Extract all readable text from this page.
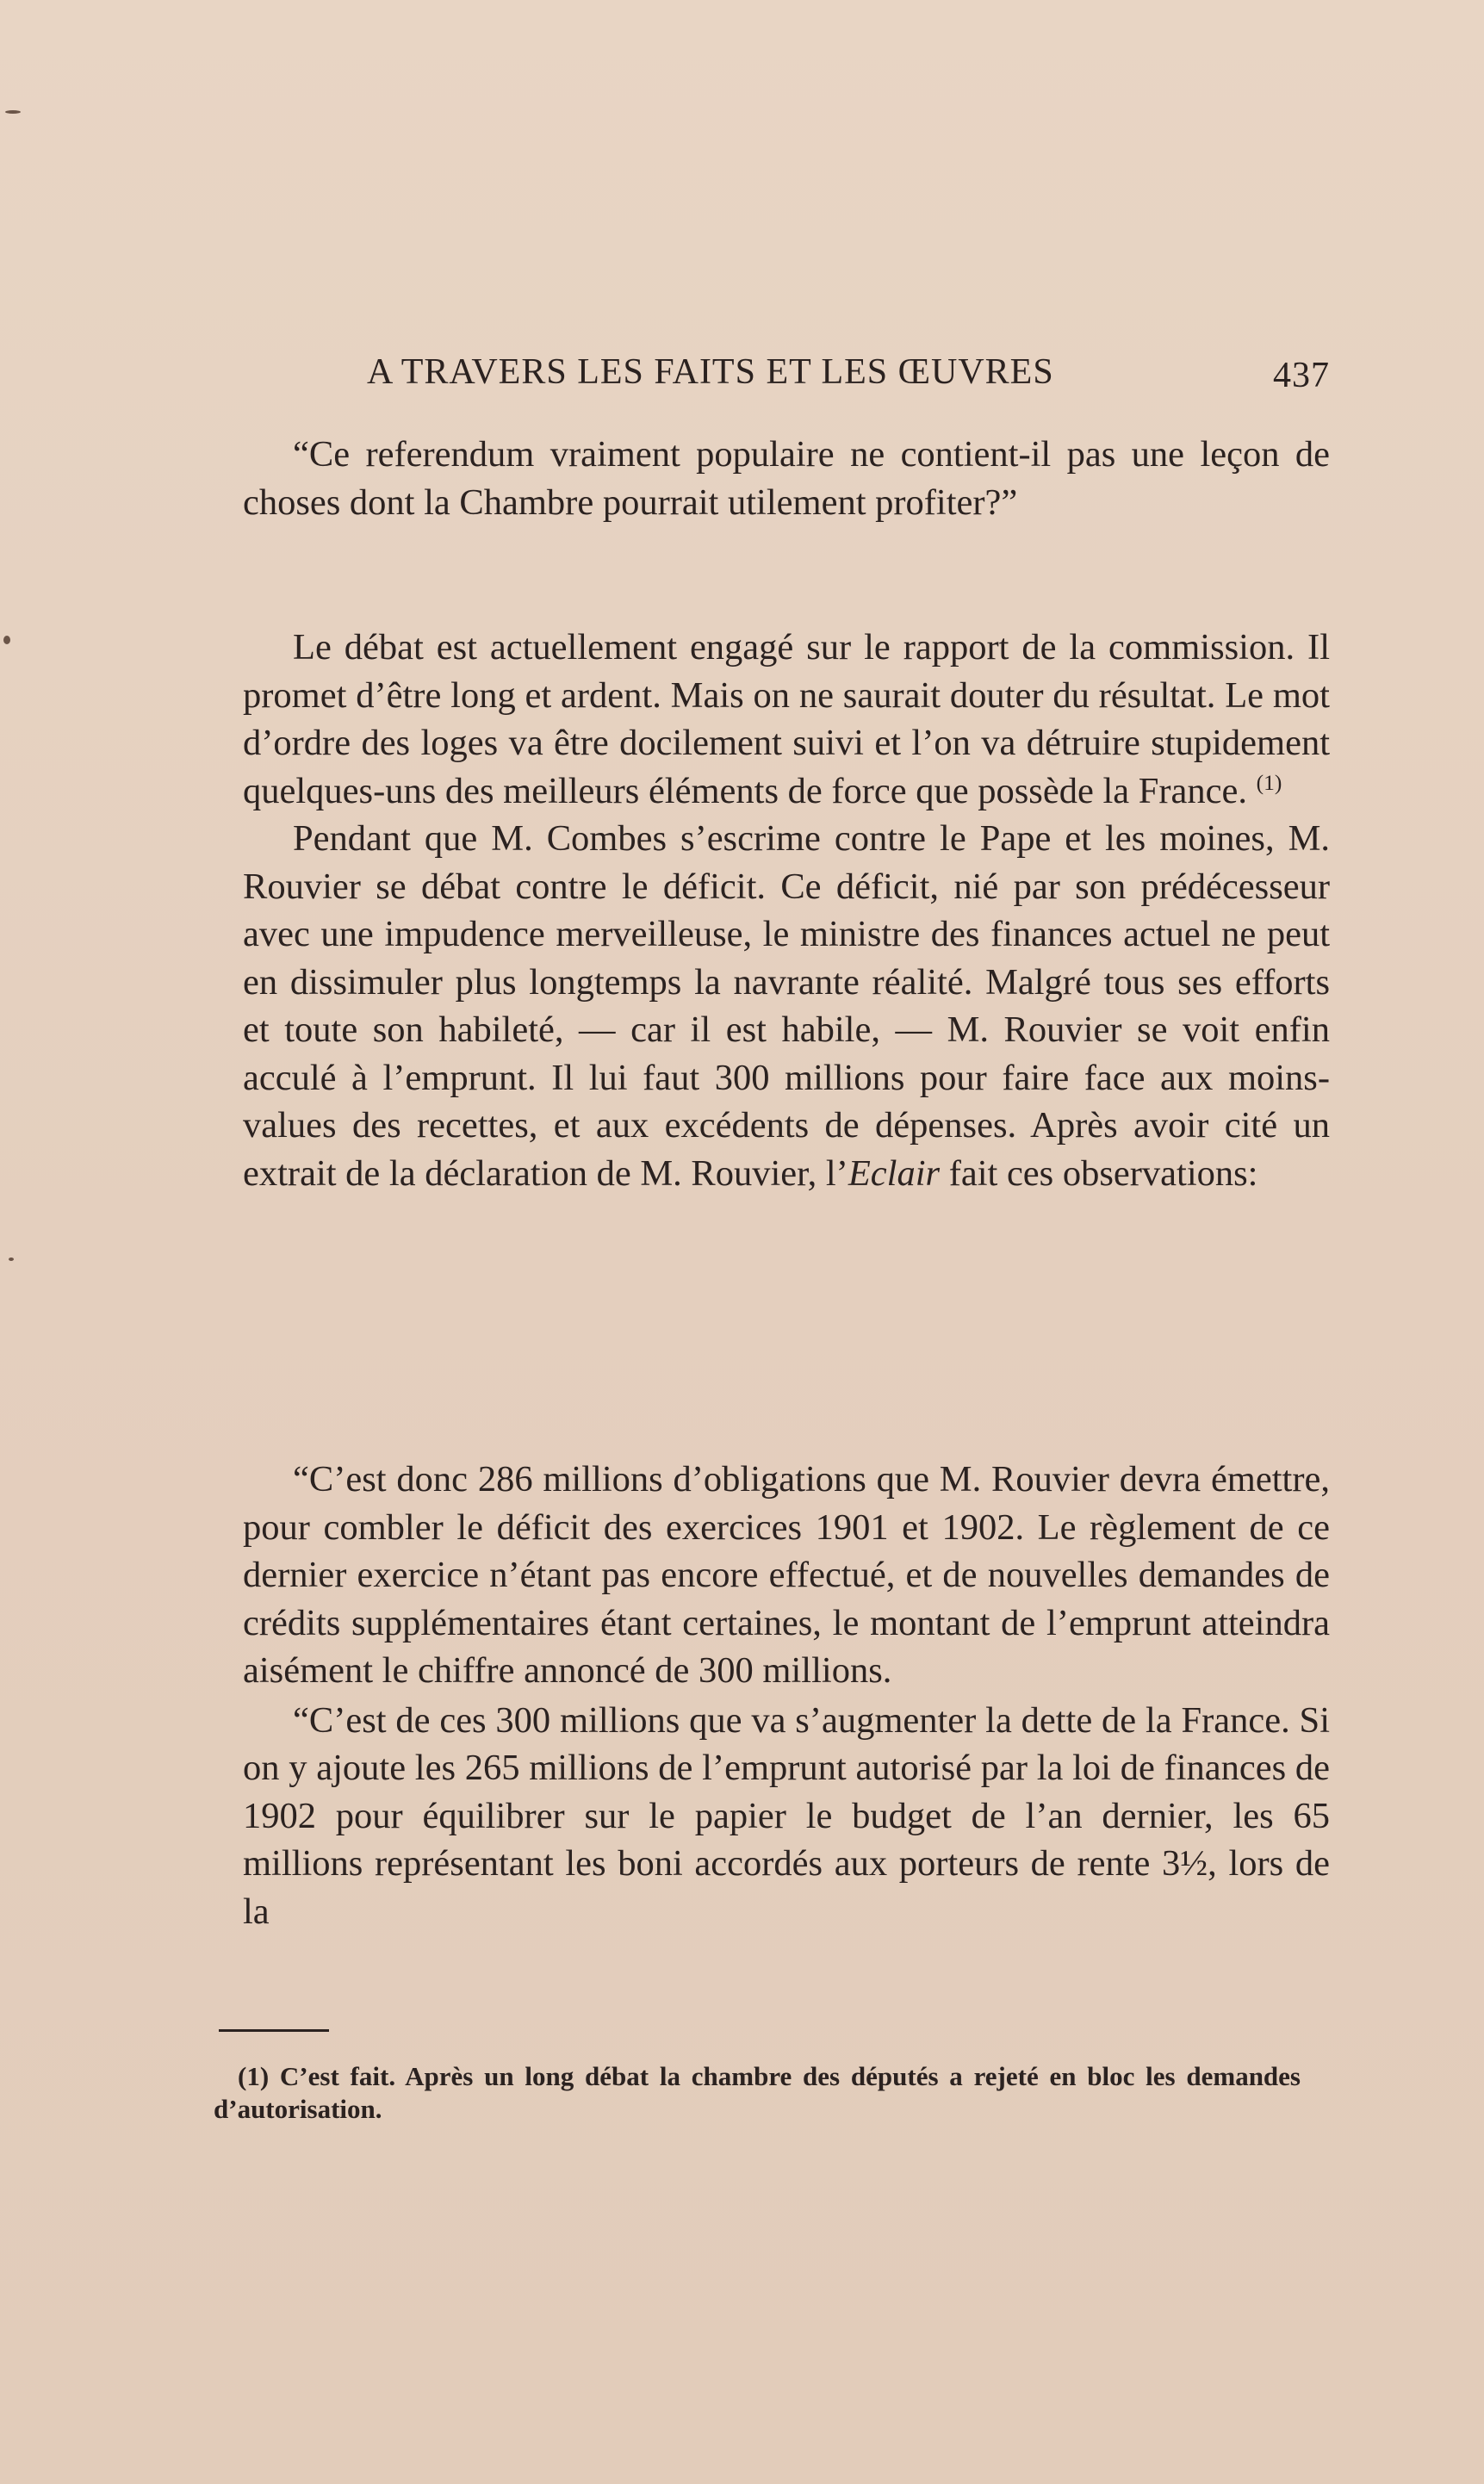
A TRAVERS LES FAITS ET LES ŒUVRES	437

“Ce referendum vraiment populaire ne contient-il pas une leçon de choses dont la Chambre pourrait utilement profiter?”

Le débat est actuellement engagé sur le rapport de la commission. Il promet d’être long et ardent. Mais on ne saurait douter du résultat. Le mot d’ordre des loges va être docilement suivi et l’on va détruire stupidement quelques-uns des meilleurs éléments de force que possède la France. $^{(1)}$

Pendant que M. Combes s’escrime contre le Pape et les moines, M. Rouvier se débat contre le déficit. Ce déficit, nié par son prédécesseur avec une impudence merveilleuse, le ministre des finances actuel ne peut en dissimuler plus longtemps la navrante réalité. Malgré tous ses efforts et toute son habileté, — car il est habile, — M. Rouvier se voit enfin acculé à l’emprunt. Il lui faut 300 millions pour faire face aux moins-values des recettes, et aux excédents de dépenses. Après avoir cité un extrait de la déclaration de M. Rouvier, l’Eclair fait ces observations:

“C’est donc 286 millions d’obligations que M. Rouvier devra émettre, pour combler le déficit des exercices 1901 et 1902. Le règlement de ce dernier exercice n’étant pas encore effectué, et de nouvelles demandes de crédits supplémentaires étant certaines, le montant de l’emprunt atteindra aisément le chiffre annoncé de 300 millions.

“C’est de ces 300 millions que va s’augmenter la dette de la France. Si on y ajoute les 265 millions de l’emprunt autorisé par la loi de finances de 1902 pour équilibrer sur le papier le budget de l’an dernier, les 65 millions représentant les boni accordés aux porteurs de rente 3½, lors de la

(1) C’est fait. Après un long débat la chambre des députés a rejeté en bloc les demandes d’autorisation.
